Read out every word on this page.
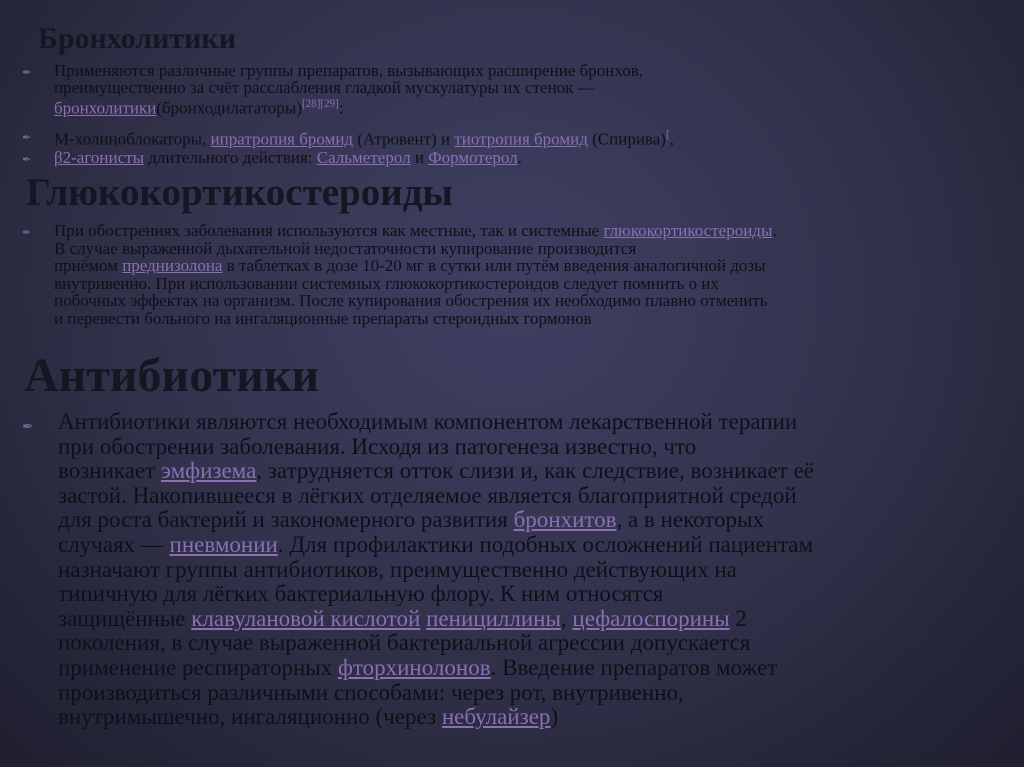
Бронхолитики
✒ Применяются различные группы препаратов, вызывающих расширение бронхов,
преимущественно за счёт расслабления гладкой мускулатуры их стенок —
бронхолитики(бронходилататоры)[28][29]:
✒ М-холиноблокаторы, ипратропия бромид (Атровент) и тиотропия бромид (Спирива)[,
✒ β2-агонисты длительного действия: Сальметерол и Формотерол.
Глюкокортикостероиды
✒ При обострениях заболевания используются как местные, так и системные глюкокортикостероиды.
В случае выраженной дыхательной недостаточности купирование производится
приёмом преднизолона в таблетках в дозе 10-20 мг в сутки или путём введения аналогичной дозы
внутривенно. При использовании системных глюкокортикостероидов следует помнить о их
побочных эффектах на организм. После купирования обострения их необходимо плавно отменить
и перевести больного на ингаляционные препараты стероидных гормонов
Антибиотики
✒ Антибиотики являются необходимым компонентом лекарственной терапии
при обострении заболевания. Исходя из патогенеза известно, что
возникает эмфизема, затрудняется отток слизи и, как следствие, возникает её
застой. Накопившееся в лёгких отделяемое является благоприятной средой
для роста бактерий и закономерного развития бронхитов, а в некоторых
случаях — пневмонии. Для профилактики подобных осложнений пациентам
назначают группы антибиотиков, преимущественно действующих на
типичную для лёгких бактериальную флору. К ним относятся
защищённые клавулановой кислотой пенициллины, цефалоспорины 2
поколения, в случае выраженной бактериальной агрессии допускается
применение респираторных фторхинолонов. Введение препаратов может
производиться различными способами: через рот, внутривенно,
внутримышечно, ингаляционно (через небулайзер)
